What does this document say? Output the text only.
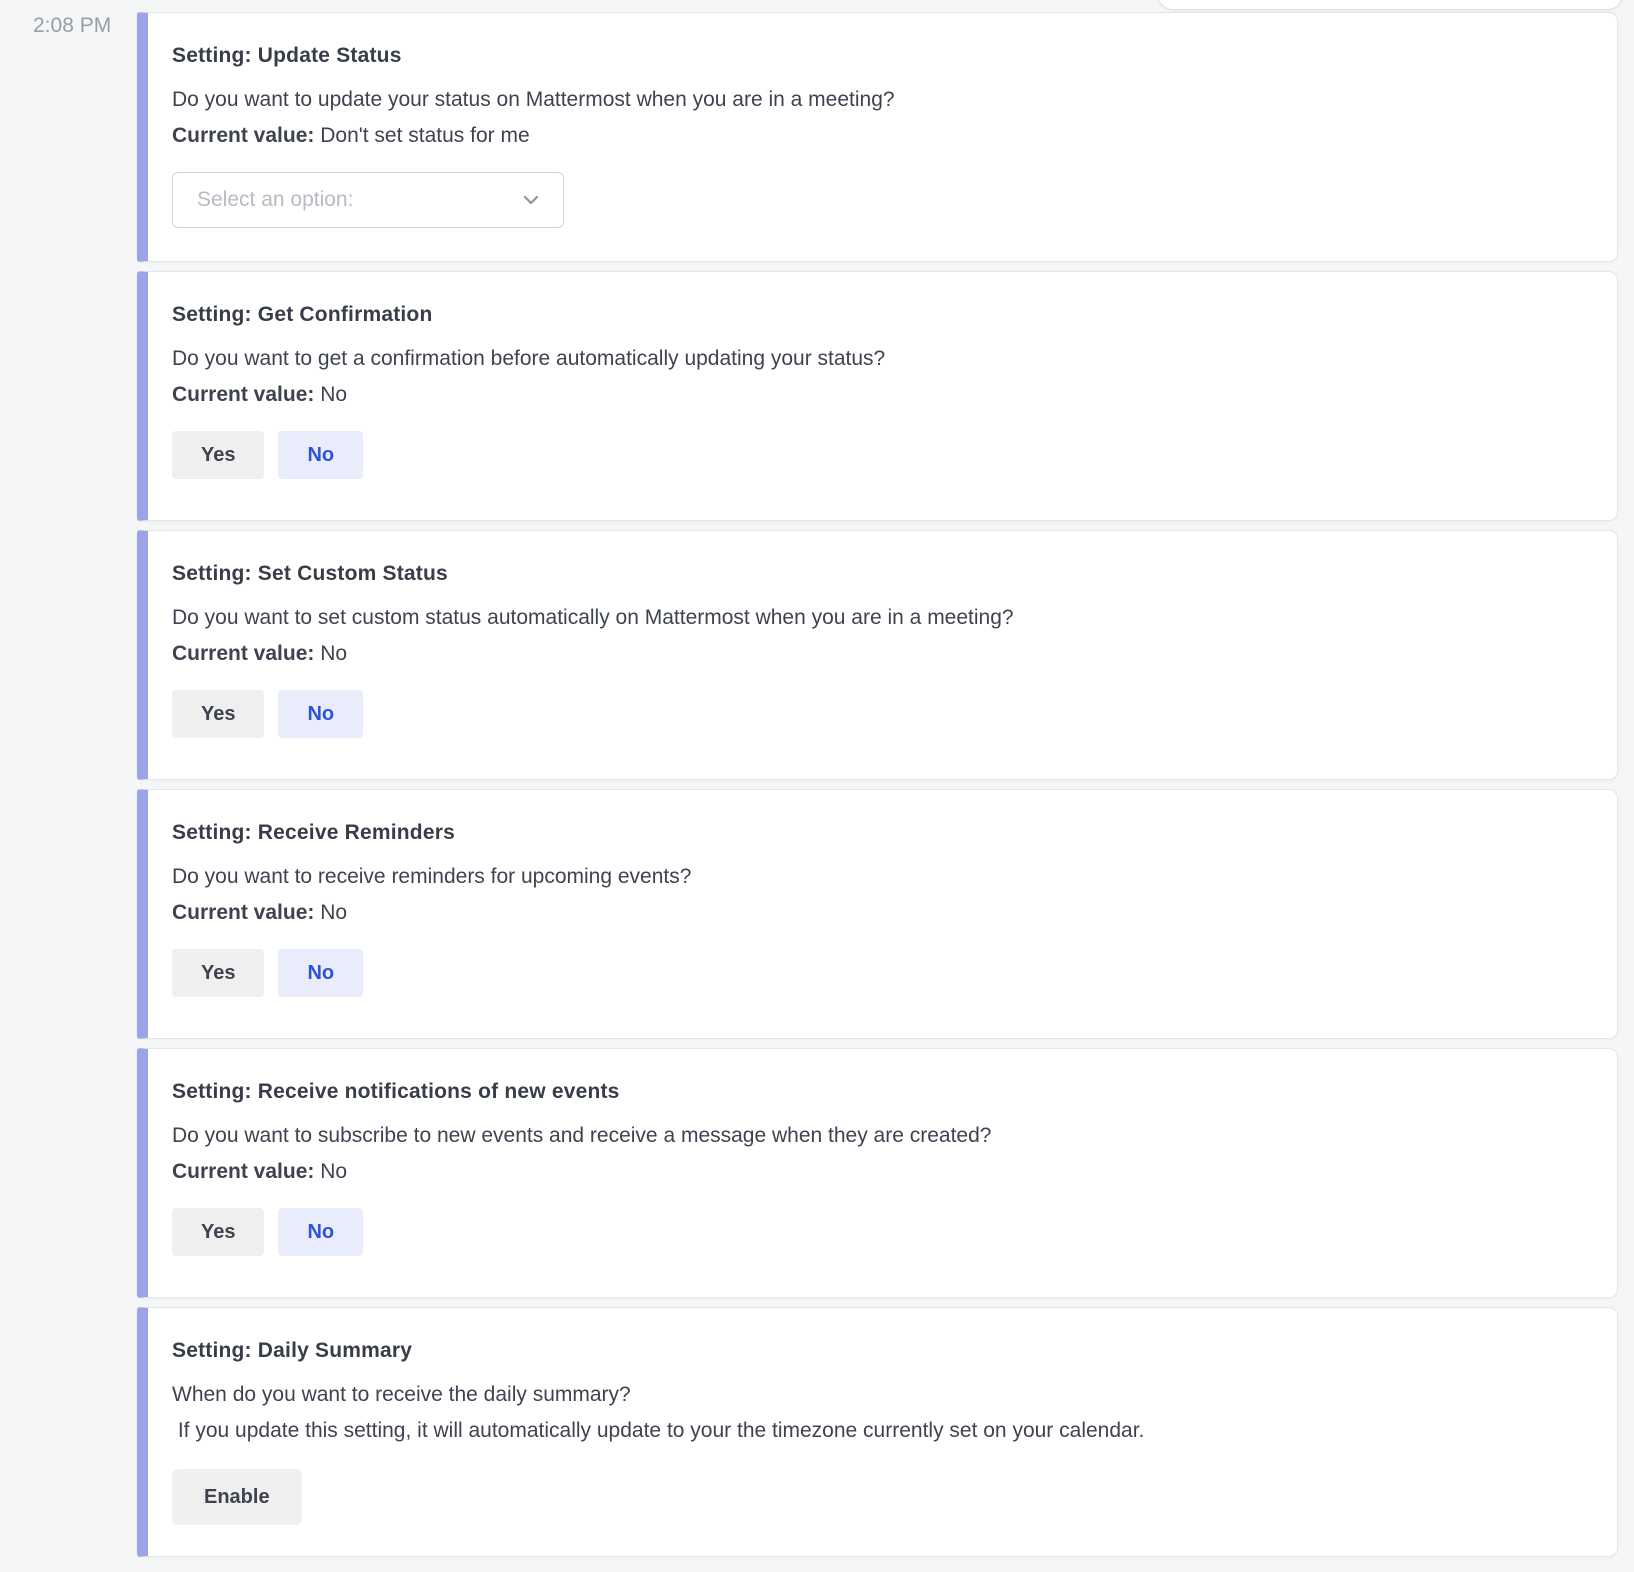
2:08 PM
Setting: Update Status
Do you want to update your status on Mattermost when you are in a meeting?
Current value: Don't set status for me
Select an option:
Setting: Get Confirmation
Do you want to get a confirmation before automatically updating your status?
Current value: No
Yes	No
Setting: Set Custom Status
Do you want to set custom status automatically on Mattermost when you are in a meeting?
Current value: No
Yes	No
Setting: Receive Reminders
Do you want to receive reminders for upcoming events?
Current value: No
Yes	No
Setting: Receive notifications of new events
Do you want to subscribe to new events and receive a message when they are created?
Current value: No
Yes	No
Setting: Daily Summary
When do you want to receive the daily summary?
If you update this setting, it will automatically update to your the timezone currently set on your calendar.
Enable
